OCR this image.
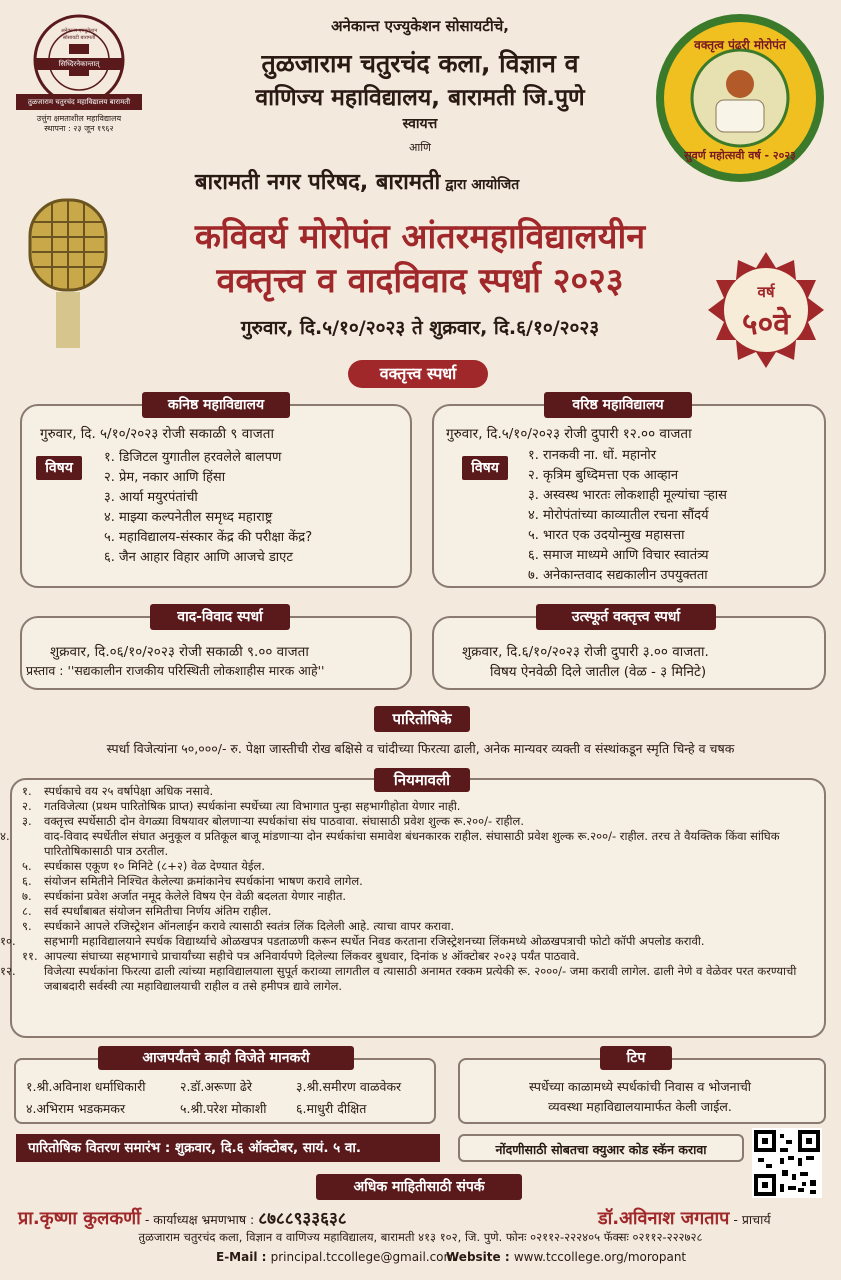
सिध्दिरनेकान्तात्
अनेकान्त एज्युकेशन सोसायटी बारामती
तुळजाराम चतुरचंद महाविद्यालय बारामती
उत्तुंग क्षमताशील महाविद्यालय
स्थापना : २३ जून १९६२
अनेकान्त एज्युकेशन सोसायटीचे,
तुळजाराम चतुरचंद कला, विज्ञान व
वाणिज्य महाविद्यालय, बारामती जि.पुणे
स्वायत्त
आणि
बारामती नगर परिषद, बारामती द्वारा आयोजित
वक्तृत्व पंढरी मोरोपंत
सुवर्ण महोत्सवी वर्ष - २०२३
कविवर्य मोरोपंत आंतरमहाविद्यालयीन
वक्तृत्त्व व वादविवाद स्पर्धा २०२३	वर्ष
५०वे
गुरुवार, दि.५/१०/२०२३ ते शुक्रवार, दि.६/१०/२०२३
वक्तृत्त्व स्पर्धा
कनिष्ठ महाविद्यालय
गुरुवार, दि. ५/१०/२०२३ रोजी सकाळी ९ वाजता
विषय
१. डिजिटल युगातील हरवलेले बालपण
२. प्रेम, नकार आणि हिंसा
३. आर्या मयुरपंतांची
४. माझ्या कल्पनेतील समृध्द महाराष्ट्र
५. महाविद्यालय-संस्कार केंद्र की परीक्षा केंद्र?
६. जैन आहार विहार आणि आजचे डाएट
वरिष्ठ महाविद्यालय
गुरुवार, दि.५/१०/२०२३ रोजी दुपारी १२.०० वाजता
विषय
१. रानकवी ना. धों. महानोर
२. कृत्रिम बुध्दिमत्ता एक आव्हान
३. अस्वस्थ भारतः लोकशाही मूल्यांचा ऱ्हास
४. मोरोपंतांच्या काव्यातील रचना सौंदर्य
५. भारत एक उदयोन्मुख महासत्ता
६. समाज माध्यमे आणि विचार स्वातंत्र्य
७. अनेकान्तवाद सद्यकालीन उपयुक्तता
वाद-विवाद स्पर्धा
शुक्रवार, दि.०६/१०/२०२३ रोजी सकाळी ९.०० वाजता
प्रस्ताव : ''सद्यकालीन राजकीय परिस्थिती लोकशाहीस मारक आहे''
उत्स्फूर्त वक्तृत्त्व स्पर्धा
शुक्रवार, दि.६/१०/२०२३ रोजी दुपारी ३.०० वाजता.
विषय ऐनवेळी दिले जातील (वेळ - ३ मिनिटे)
पारितोषिके
स्पर्धा विजेत्यांना ५०,०००/- रु. पेक्षा जास्तीची रोख बक्षिसे व चांदीच्या फिरत्या ढाली, अनेक मान्यवर व्यक्ती व संस्थांकडून स्मृति चिन्हे व चषक
नियमावली
१. स्पर्धकाचे वय २५ वर्षापेक्षा अधिक नसावे.
२. गतविजेत्या (प्रथम पारितोषिक प्राप्त) स्पर्धकांना स्पर्धेच्या त्या विभागात पुन्हा सहभागीहोता येणार नाही.
३. वक्तृत्त्व स्पर्धेसाठी दोन वेगळ्या विषयावर बोलणाऱ्या स्पर्धकांचा संघ पाठवावा. संघासाठी प्रवेश शुल्क रू.२००/- राहील.
४.	वाद-विवाद स्पर्धेतील संघात अनुकूल व प्रतिकूल बाजू मांडणाऱ्या दोन स्पर्धकांचा समावेश बंधनकारक राहील. संघासाठी प्रवेश शुल्क रू.२००/- राहील. तरच ते वैयक्तिक किंवा सांघिक पारितोषिकासाठी पात्र ठरतील.
५. स्पर्धकास एकूण १० मिनिटे (८+२) वेळ देण्यात येईल.
६. संयोजन समितीने निश्चित केलेल्या क्रमांकानेच स्पर्धकांना भाषण करावे लागेल.
७. स्पर्धकांना प्रवेश अर्जात नमूद केलेले विषय ऐन वेळी बदलता येणार नाहीत.
८. सर्व स्पर्धांबाबत संयोजन समितीचा निर्णय अंतिम राहील.
९. स्पर्धकाने आपले रजिस्ट्रेशन ऑनलाईन करावे त्यासाठी स्वतंत्र लिंक दिलेली आहे. त्याचा वापर करावा.
१०. सहभागी महाविद्यालयाने स्पर्धक विद्यार्थ्याचे ओळखपत्र पडताळणी करून स्पर्धेत निवड करताना रजिस्ट्रेशनच्या लिंकमध्ये ओळखपत्राची फोटो कॉपी अपलोड करावी.
११. आपल्या संघाच्या सहभागाचे प्राचार्यांच्या सहीचे पत्र अनिवार्यपणे दिलेल्या लिंकवर बुधवार, दिनांक ४ ऑक्टोबर २०२३ पर्यंत पाठवावे.
१२. विजेत्या स्पर्धकांना फिरत्या ढाली त्यांच्या महाविद्यालयाला सुपूर्त कराव्या लागतील व त्यासाठी अनामत रक्कम प्रत्येकी रू. २०००/- जमा करावी लागेल. ढाली नेणे व वेळेवर परत करण्याची जबाबदारी सर्वस्वी त्या महाविद्यालयाची राहील व तसे हमीपत्र द्यावे लागेल.
आजपर्यंतचे काही विजेते मानकरी
१.श्री.अविनाश धर्माधिकारी	२.डॉ.अरूणा ढेरे	३.श्री.समीरण वाळवेकर
४.अभिराम भडकमकर	५.श्री.परेश मोकाशी ६.माधुरी दीक्षित
टिप
स्पर्धेच्या काळामध्ये स्पर्धकांची निवास व भोजनाची
व्यवस्था महाविद्यालयामार्फत केली जाईल.
पारितोषिक वितरण समारंभ : शुक्रवार, दि.६ ऑक्टोबर, सायं. ५ वा.	नोंदणीसाठी सोबतचा क्युआर कोड स्कॅन करावा
अधिक माहितीसाठी संपर्क
प्रा.कृष्णा कुलकर्णी - कार्याध्यक्ष भ्रमणभाष : ८७८८९३३६३८	डॉ.अविनाश जगताप - प्राचार्य
तुळजाराम चतुरचंद कला, विज्ञान व वाणिज्य महाविद्यालय, बारामती ४१३ १०२, जि. पुणे. फोनः ०२११२-२२२४०५ फॅक्सः ०२११२-२२२७२८
E-Mail : principal.tccollege@gmail.com
Website : www.tccollege.org/moropant
